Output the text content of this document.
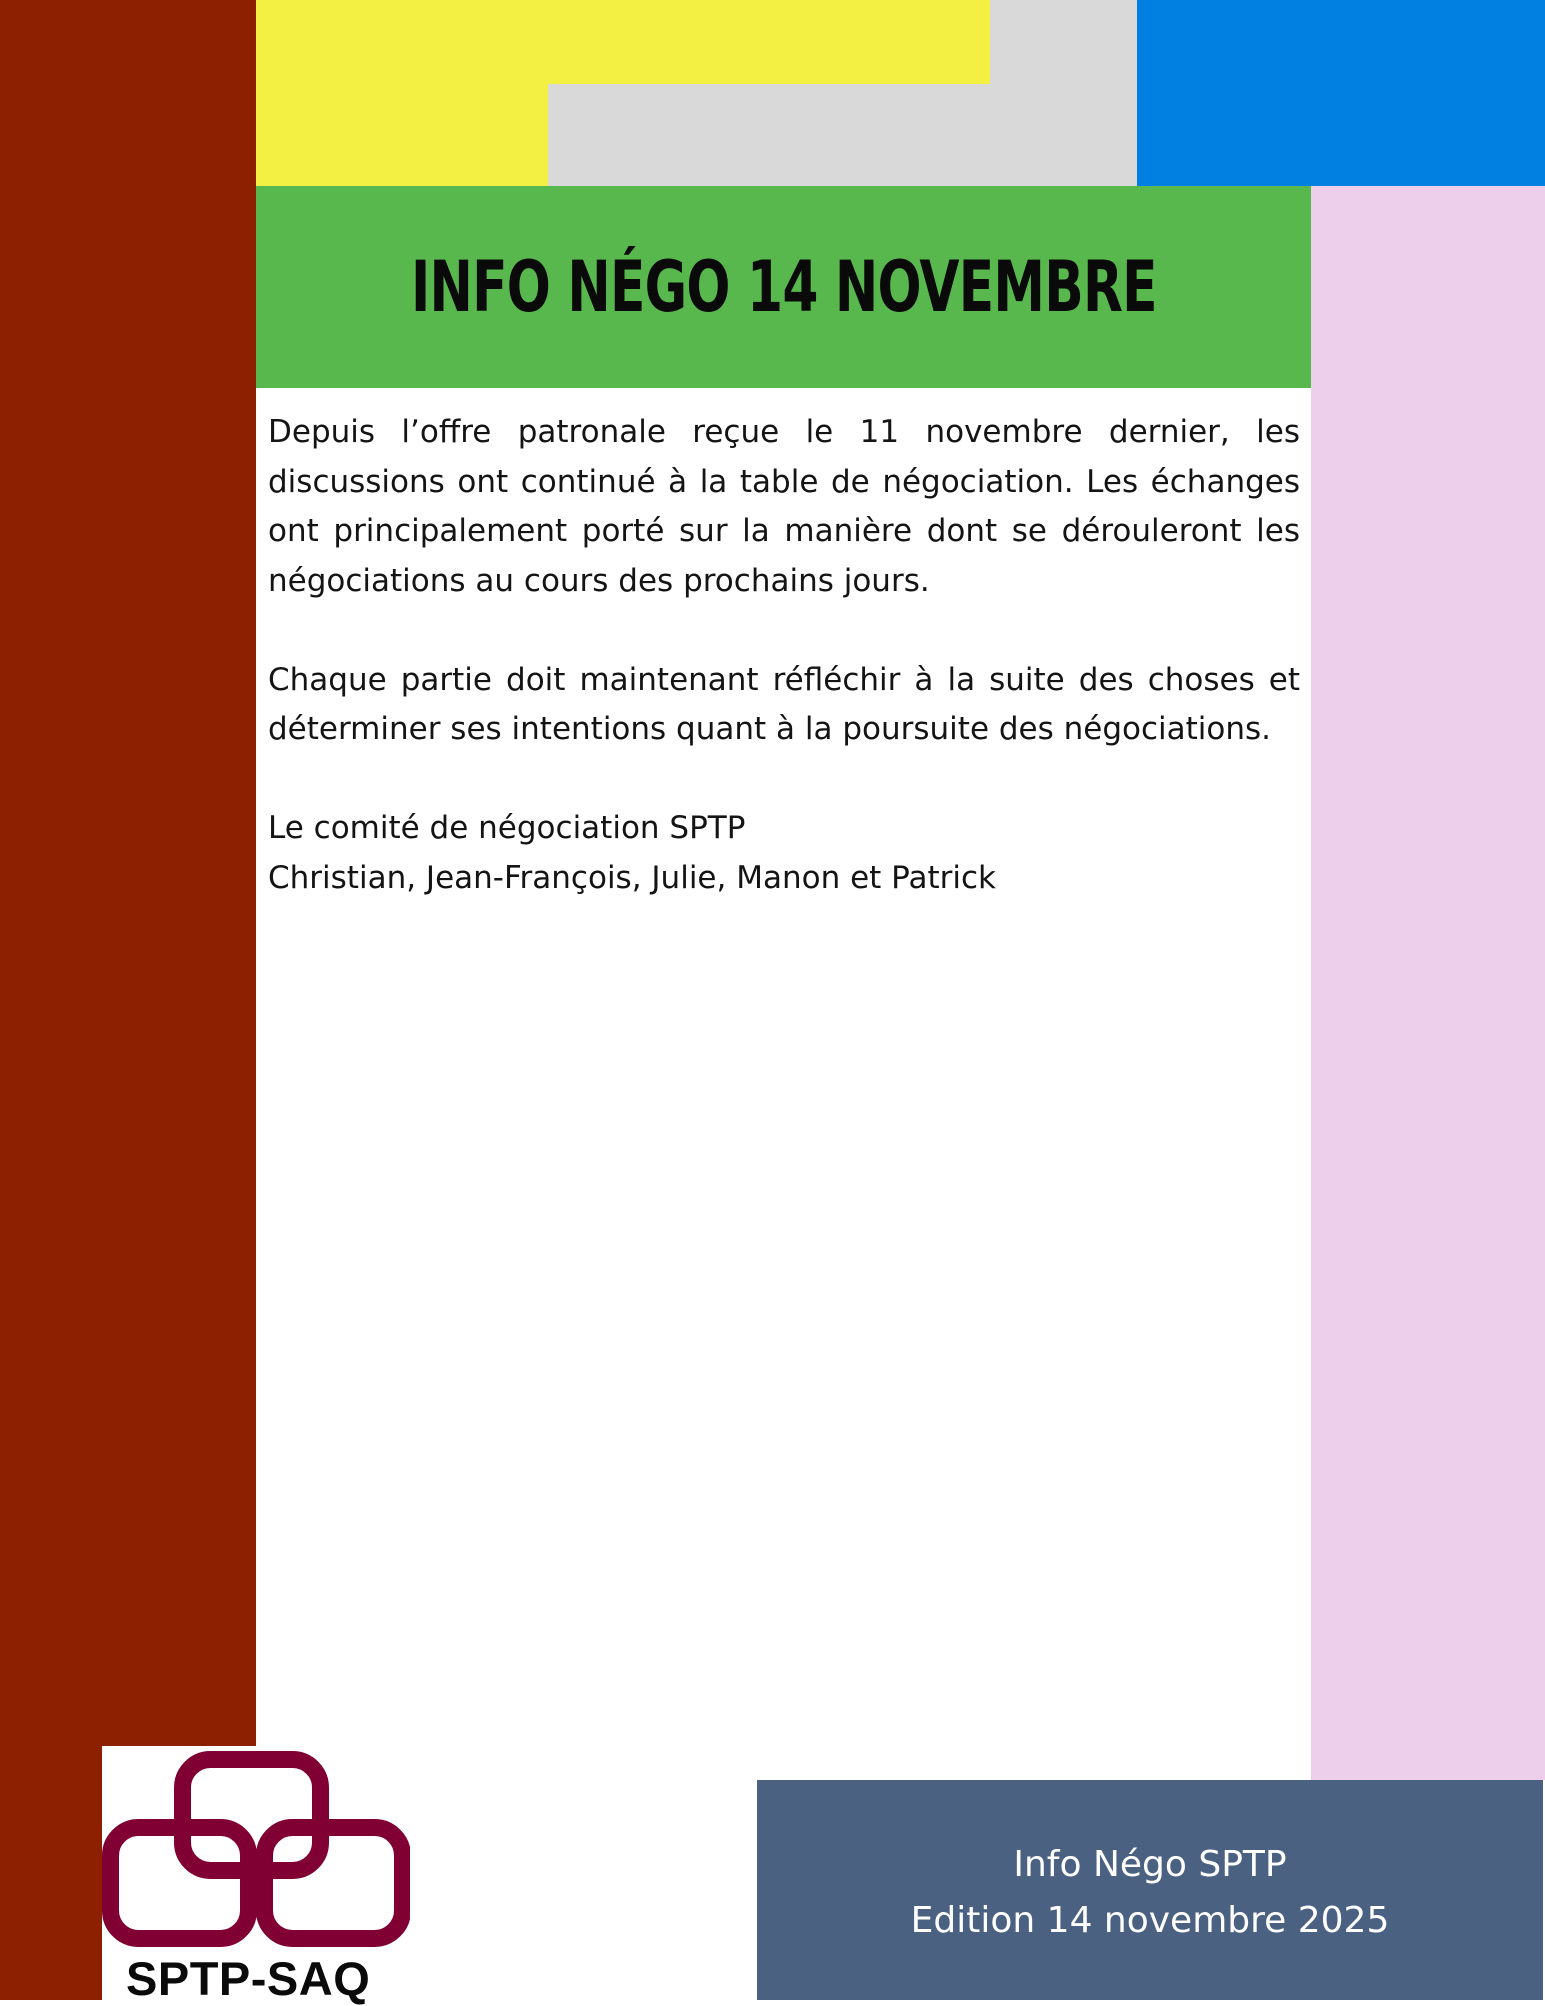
INFO NÉGO 14 NOVEMBRE

Depuis l’offre patronale reçue le 11 novembre dernier, les discussions ont continué à la table de négociation. Les échanges ont principalement porté sur la manière dont se dérouleront les négociations au cours des prochains jours.

Chaque partie doit maintenant réfléchir à la suite des choses et déterminer ses intentions quant à la poursuite des négociations.

Le comité de négociation SPTP
Christian, Jean-François, Julie, Manon et Patrick
SPTP-SAQ
Info Négo SPTP
Edition 14 novembre 2025
